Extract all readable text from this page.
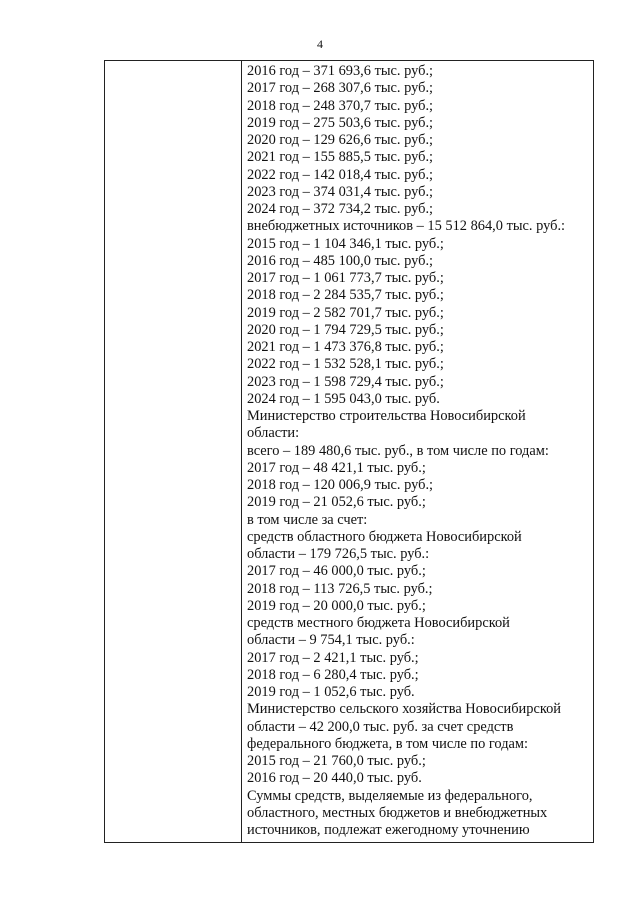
4
2016 год – 371 693,6 тыс. руб.;
2017 год – 268 307,6 тыс. руб.;
2018 год – 248 370,7 тыс. руб.;
2019 год – 275 503,6 тыс. руб.;
2020 год – 129 626,6 тыс. руб.;
2021 год – 155 885,5 тыс. руб.;
2022 год – 142 018,4 тыс. руб.;
2023 год – 374 031,4 тыс. руб.;
2024 год – 372 734,2 тыс. руб.;
внебюджетных источников – 15 512 864,0 тыс. руб.:
2015 год – 1 104 346,1 тыс. руб.;
2016 год – 485 100,0 тыс. руб.;
2017 год – 1 061 773,7 тыс. руб.;
2018 год – 2 284 535,7 тыс. руб.;
2019 год – 2 582 701,7 тыс. руб.;
2020 год – 1 794 729,5 тыс. руб.;
2021 год – 1 473 376,8 тыс. руб.;
2022 год – 1 532 528,1 тыс. руб.;
2023 год – 1 598 729,4 тыс. руб.;
2024 год – 1 595 043,0 тыс. руб.
Министерство строительства Новосибирской
области:
всего – 189 480,6 тыс. руб., в том числе по годам:
2017 год – 48 421,1 тыс. руб.;
2018 год – 120 006,9 тыс. руб.;
2019 год – 21 052,6 тыс. руб.;
в том числе за счет:
средств областного бюджета Новосибирской
области – 179 726,5 тыс. руб.:
2017 год – 46 000,0 тыс. руб.;
2018 год – 113 726,5 тыс. руб.;
2019 год – 20 000,0 тыс. руб.;
средств местного бюджета Новосибирской
области – 9 754,1 тыс. руб.:
2017 год – 2 421,1 тыс. руб.;
2018 год – 6 280,4 тыс. руб.;
2019 год – 1 052,6 тыс. руб.
Министерство сельского хозяйства Новосибирской
области – 42 200,0 тыс. руб. за счет средств
федерального бюджета, в том числе по годам:
2015 год – 21 760,0 тыс. руб.;
2016 год – 20 440,0 тыс. руб.
Суммы средств, выделяемые из федерального,
областного, местных бюджетов и внебюджетных
источников, подлежат ежегодному уточнению
